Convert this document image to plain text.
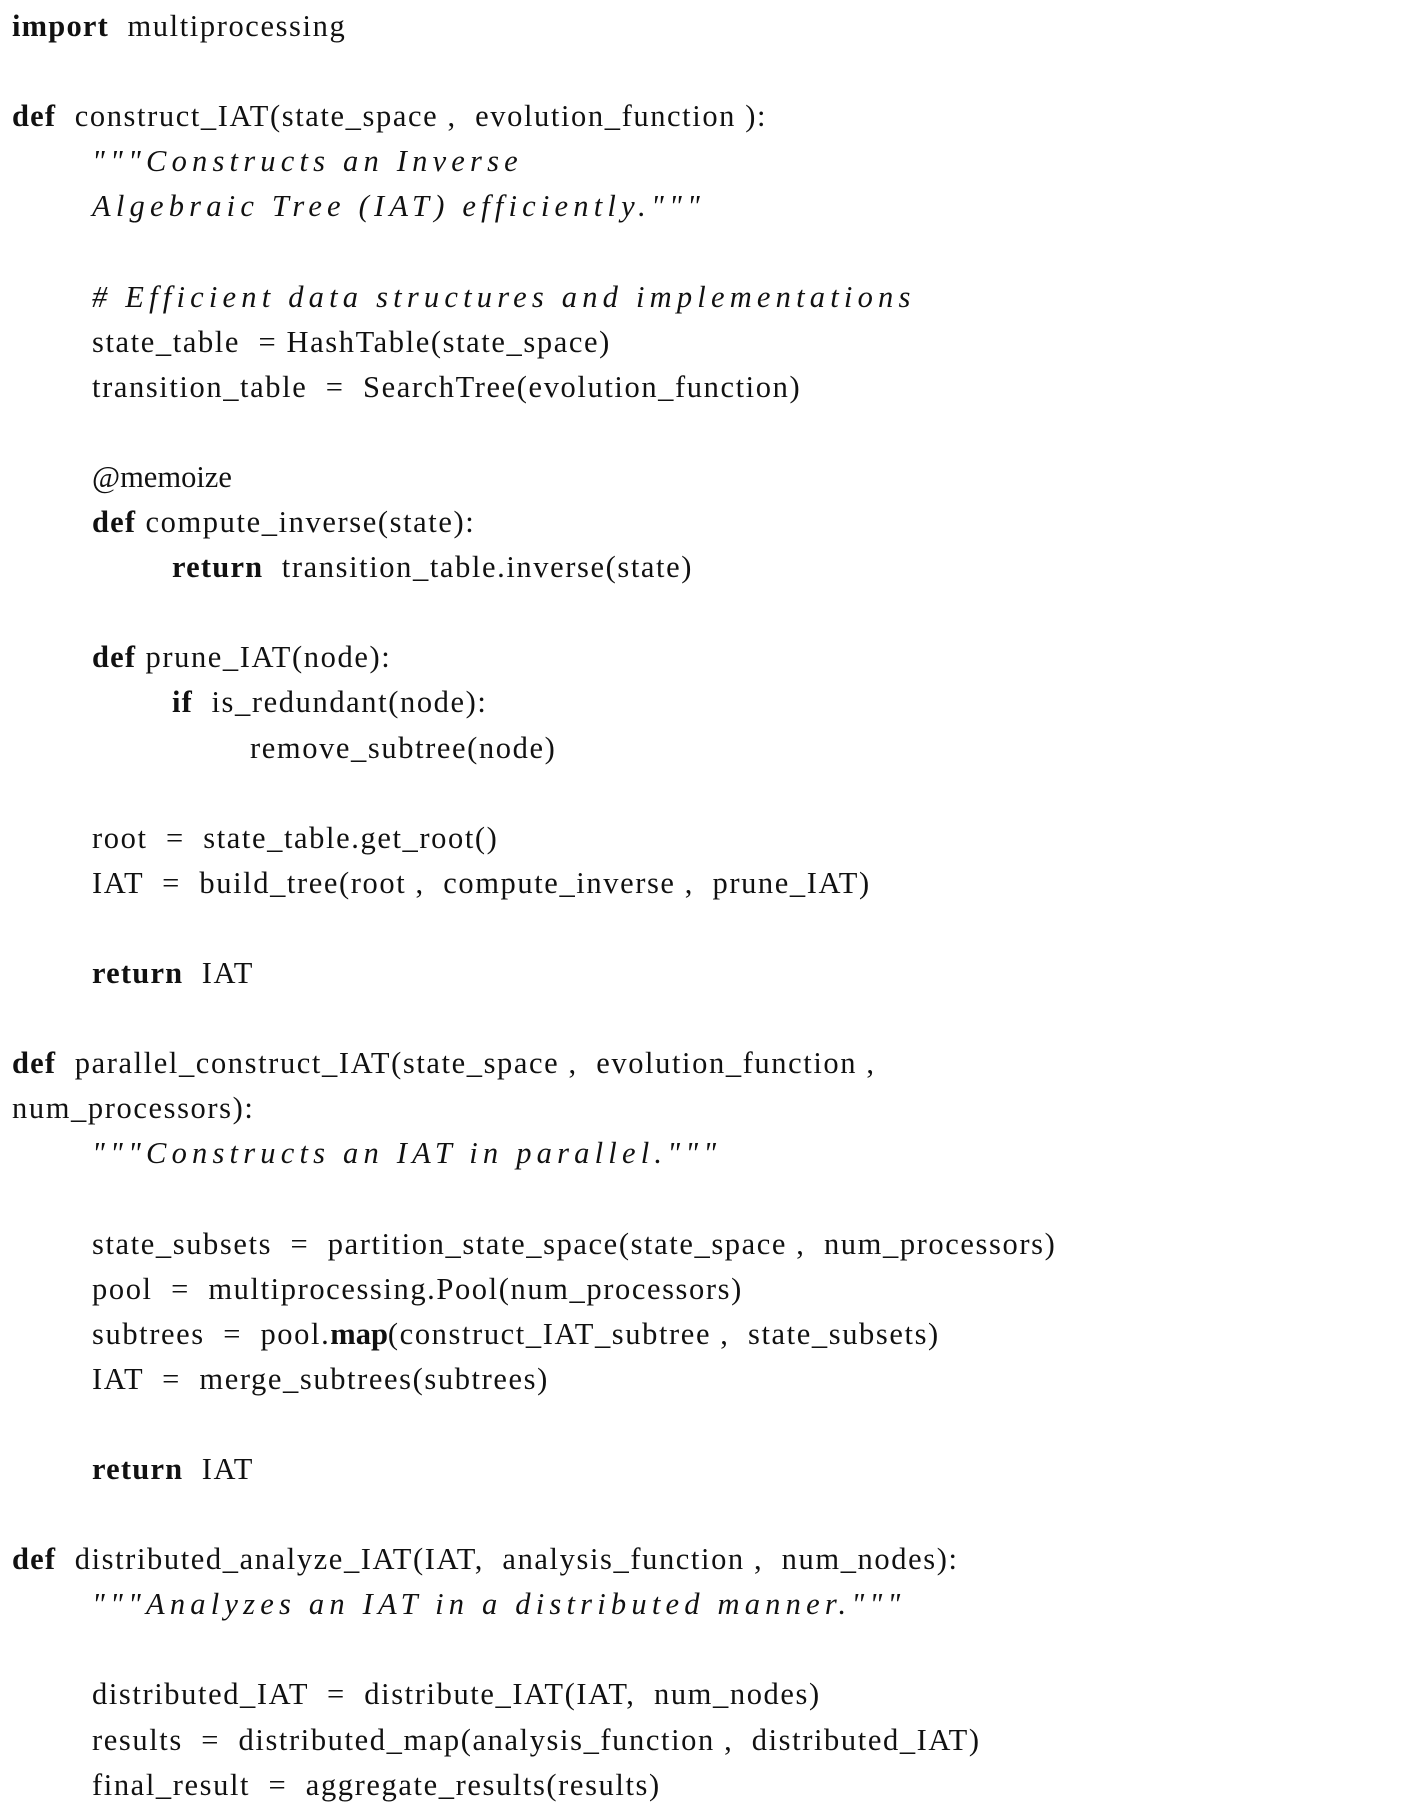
import  multiprocessing
def  construct_IAT(state_space ,  evolution_function ):
"""Constructs an Inverse
Algebraic Tree (IAT) efficiently."""
# Efficient data structures and implementations
state_table  = HashTable(state_space)
transition_table  =  SearchTree(evolution_function)
@memoize
def compute_inverse(state):
return  transition_table.inverse(state)
def prune_IAT(node):
if  is_redundant(node):
remove_subtree(node)
root  =  state_table.get_root()
IAT  =  build_tree(root ,  compute_inverse ,  prune_IAT)
return  IAT
def  parallel_construct_IAT(state_space ,  evolution_function ,
num_processors):
"""Constructs an IAT in parallel."""
state_subsets  =  partition_state_space(state_space ,  num_processors)
pool  =  multiprocessing.Pool(num_processors)
subtrees  =  pool.map(construct_IAT_subtree ,  state_subsets)
IAT  =  merge_subtrees(subtrees)
return  IAT
def  distributed_analyze_IAT(IAT,  analysis_function ,  num_nodes):
"""Analyzes an IAT in a distributed manner."""
distributed_IAT  =  distribute_IAT(IAT,  num_nodes)
results  =  distributed_map(analysis_function ,  distributed_IAT)
final_result  =  aggregate_results(results)
